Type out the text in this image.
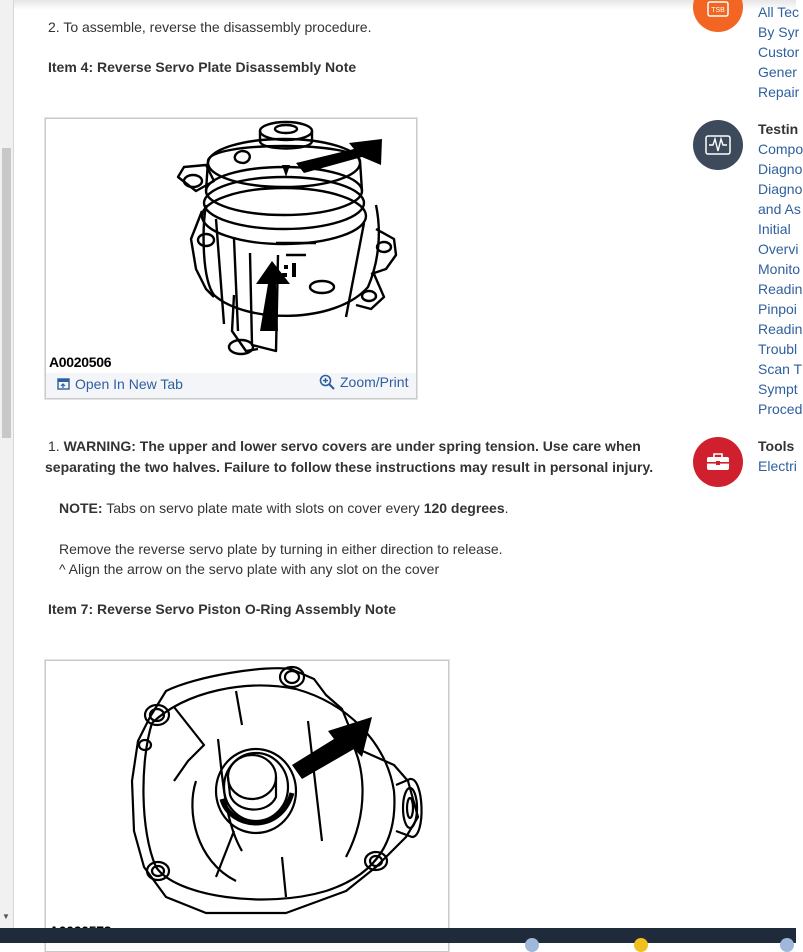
▼

2. To assemble, reverse the disassembly procedure.

Item 4: Reverse Servo Plate Disassembly Note

A0020506
Open In New Tab	Zoom/Print

1. WARNING: The upper and lower servo covers are under spring tension. Use care when

separating the two halves. Failure to follow these instructions may result in personal injury.

NOTE: Tabs on servo plate mate with slots on cover every 120 degrees.

Remove the reverse servo plate by turning in either direction to release.

^ Align the arrow on the servo plate with any slot on the cover

Item 7: Reverse Servo Piston O-Ring Assembly Note

TSB All Tec
By Syr
Custor
Gener
Repair
Testin
Compo
Diagno
Diagno
and As
Initial
Overvi
Monito
Readin
Pinpoi
Readin
Troubl
Scan T
Sympt
Proced
Tools
Electri
